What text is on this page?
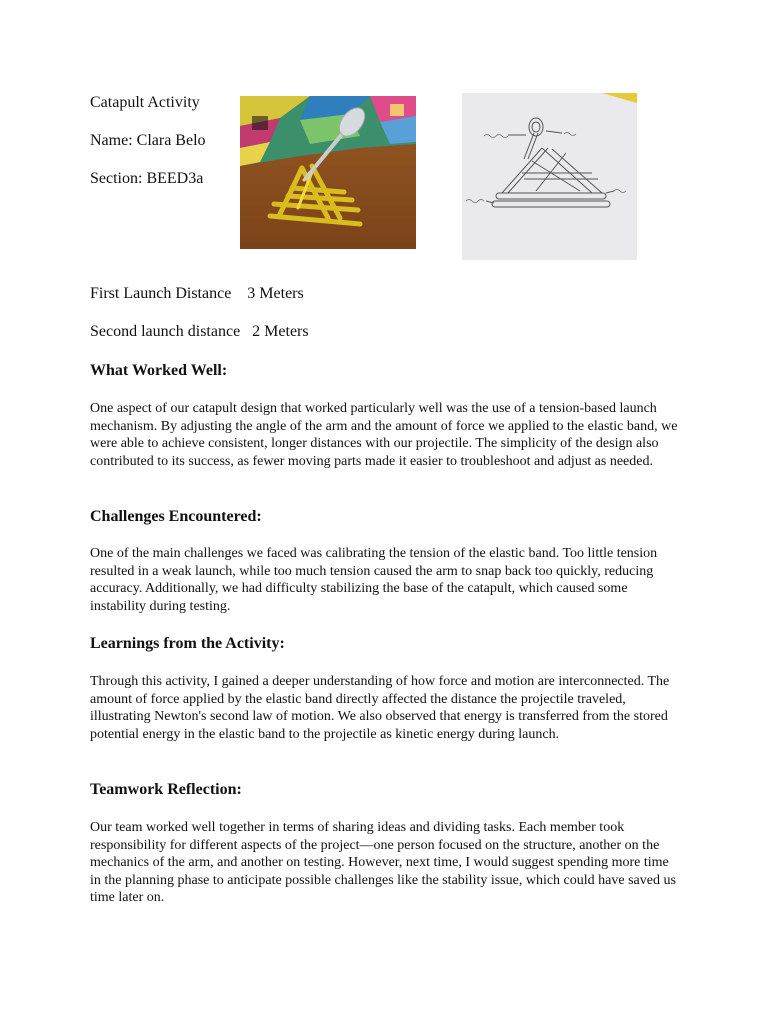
Catapult Activity
Name: Clara Belo
Section: BEED3a
First Launch Distance    3 Meters
Second launch distance   2 Meters
What Worked Well:

One aspect of our catapult design that worked particularly well was the use of a tension-based launch mechanism. By adjusting the angle of the arm and the amount of force we applied to the elastic band, we were able to achieve consistent, longer distances with our projectile. The simplicity of the design also contributed to its success, as fewer moving parts made it easier to troubleshoot and adjust as needed.

Challenges Encountered:

One of the main challenges we faced was calibrating the tension of the elastic band. Too little tension resulted in a weak launch, while too much tension caused the arm to snap back too quickly, reducing accuracy. Additionally, we had difficulty stabilizing the base of the catapult, which caused some instability during testing.

Learnings from the Activity:

Through this activity, I gained a deeper understanding of how force and motion are interconnected. The amount of force applied by the elastic band directly affected the distance the projectile traveled, illustrating Newton's second law of motion. We also observed that energy is transferred from the stored potential energy in the elastic band to the projectile as kinetic energy during launch.

Teamwork Reflection:

Our team worked well together in terms of sharing ideas and dividing tasks. Each member took responsibility for different aspects of the project—one person focused on the structure, another on the mechanics of the arm, and another on testing. However, next time, I would suggest spending more time in the planning phase to anticipate possible challenges like the stability issue, which could have saved us time later on.
